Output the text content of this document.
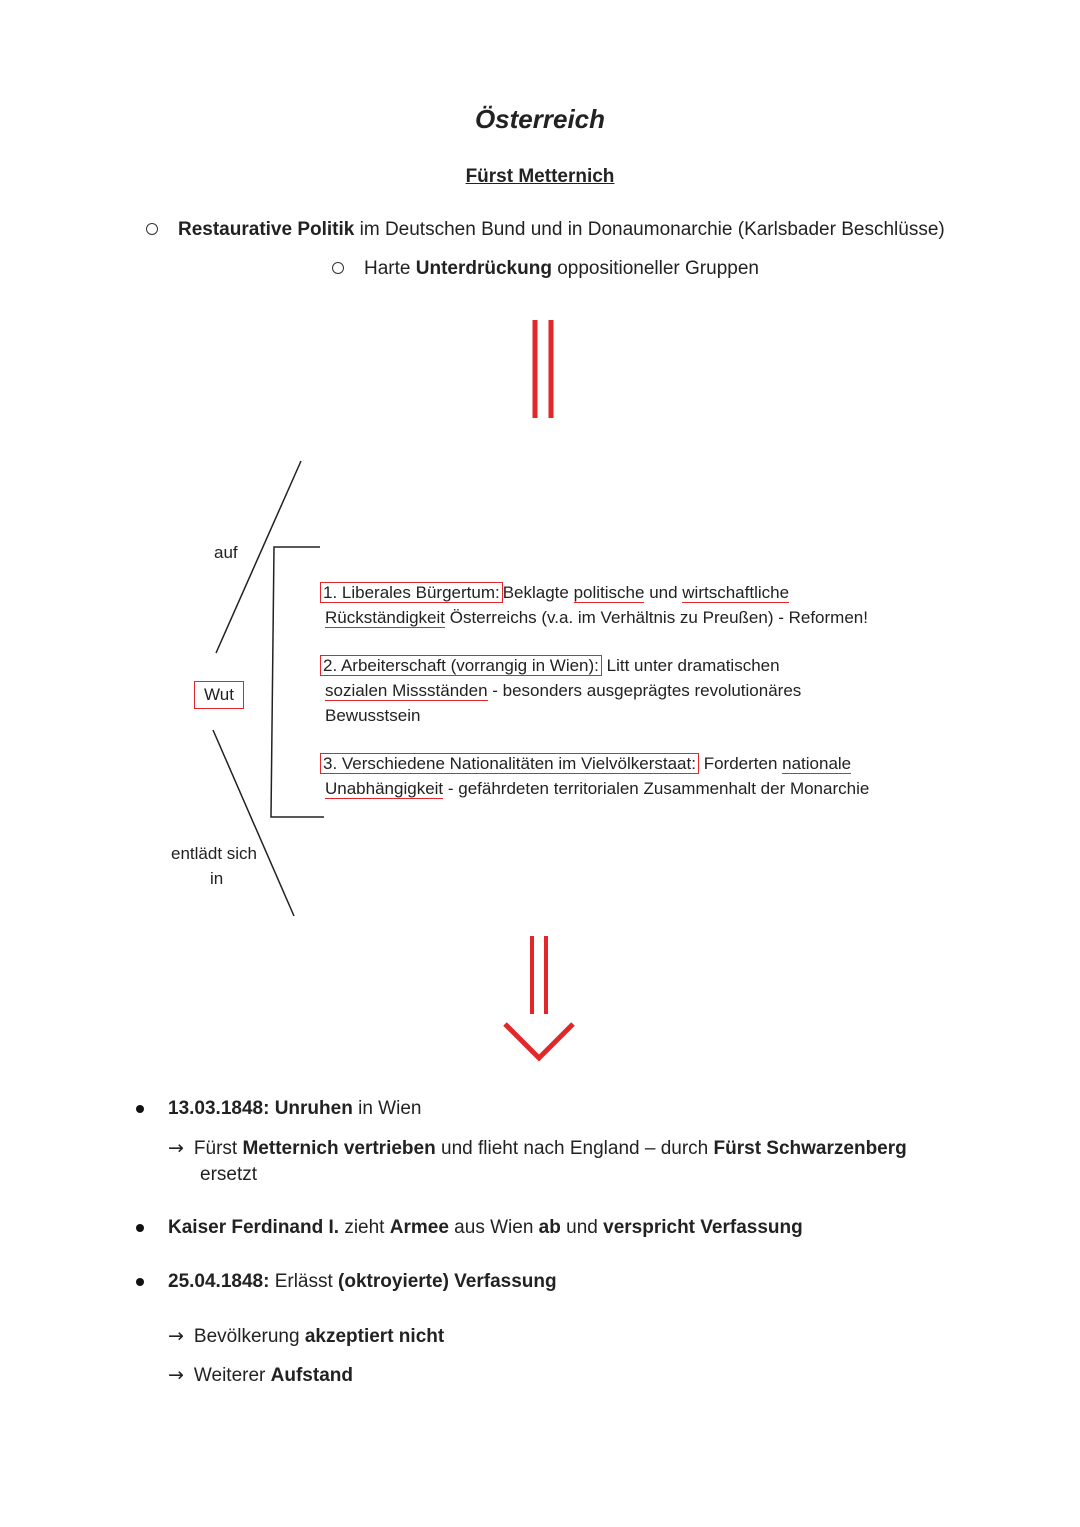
Österreich
Fürst Metternich
Restaurative Politik im Deutschen Bund und in Donaumonarchie (Karlsbader Beschlüsse)
Harte Unterdrückung oppositioneller Gruppen
auf
Wut
entlädt sich
in
1. Liberales Bürgertum: Beklagte politische und wirtschaftliche
Rückständigkeit Österreichs (v.a. im Verhältnis zu Preußen) - Reformen!
2. Arbeiterschaft (vorrangig in Wien): Litt unter dramatischen
sozialen Missständen - besonders ausgeprägtes revolutionäres
Bewusstsein
3. Verschiedene Nationalitäten im Vielvölkerstaat: Forderten nationale
Unabhängigkeit - gefährdeten territorialen Zusammenhalt der Monarchie
13.03.1848: Unruhen in Wien
→ Fürst Metternich vertrieben und flieht nach England – durch Fürst Schwarzenberg
ersetzt
Kaiser Ferdinand I. zieht Armee aus Wien ab und verspricht Verfassung
25.04.1848: Erlässt (oktroyierte) Verfassung
→ Bevölkerung akzeptiert nicht
→ Weiterer Aufstand
